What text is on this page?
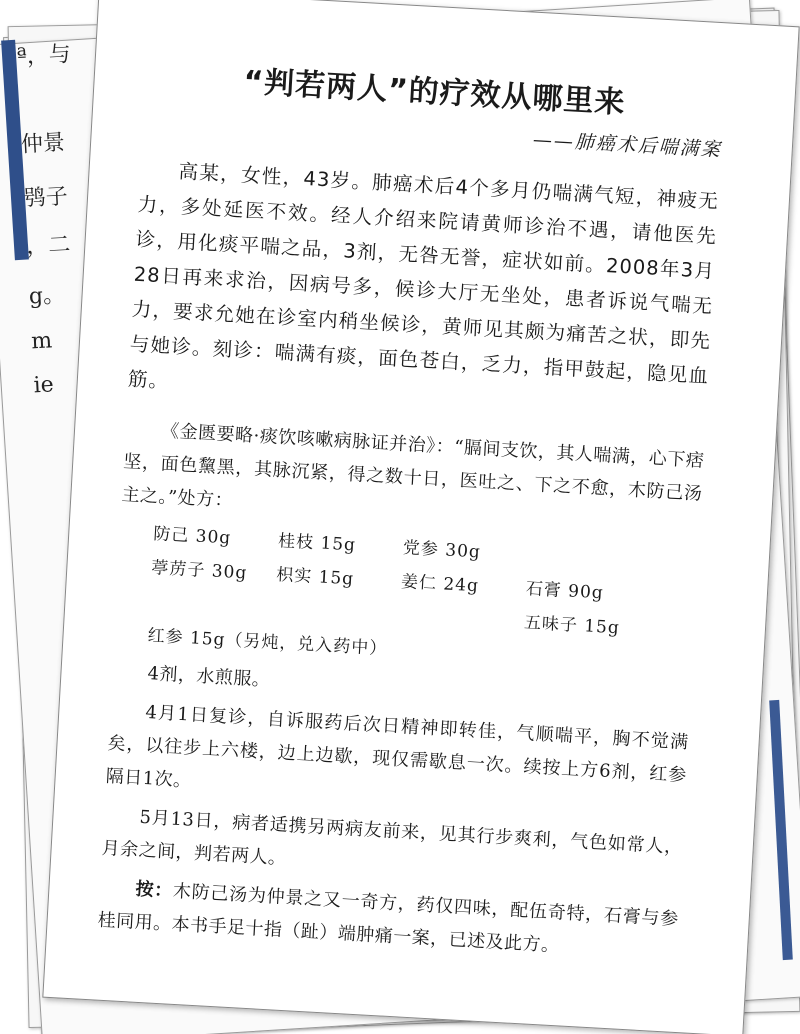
ª，与
仲景
鸮子
，二
g。
m
ie
“判若两人”的疗效从哪里来
——肺癌术后喘满案

高某，女性，43岁。肺癌术后4个多月仍喘满气短，神疲无力，多处延医不效。经人介绍来院请黄师诊治不遇，请他医先诊，用化痰平喘之品，3剂，无咎无誉，症状如前。2008年3月28日再来求治，因病号多，候诊大厅无坐处，患者诉说气喘无力，要求允她在诊室内稍坐候诊，黄师见其颇为痛苦之状，即先与她诊。刻诊：喘满有痰，面色苍白，乏力，指甲鼓起，隐见血筋。

《金匮要略·痰饮咳嗽病脉证并治》：“膈间支饮，其人喘满，心下痞坚，面色黧黑，其脉沉紧，得之数十日，医吐之、下之不愈，木防己汤主之。”处方：

防己 30g	桂枝 15g	党参 30g
葶苈子 30g	枳实 15g	姜仁 24g	石膏 90g
五味子 15g
红参 15g（另炖，兑入药中）

4剂，水煎服。

4月1日复诊，自诉服药后次日精神即转佳，气顺喘平，胸不觉满矣，以往步上六楼，边上边歇，现仅需歇息一次。续按上方6剂，红参隔日1次。

5月13日，病者适携另两病友前来，见其行步爽利，气色如常人，月余之间，判若两人。

按：木防己汤为仲景之又一奇方，药仅四味，配伍奇特，石膏与参桂同用。本书手足十指（趾）端肿痛一案，已述及此方。
